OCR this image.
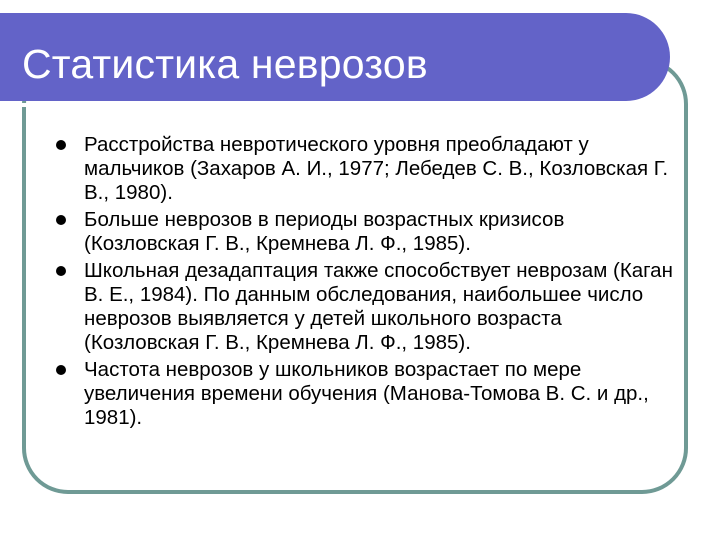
Статистика неврозов
Расстройства невротического уровня преобладают у мальчиков (Захаров А. И., 1977; Лебедев С. В., Козловская Г. В., 1980).
Больше неврозов в периоды возрастных кризисов (Козловская Г. В., Кремнева Л. Ф., 1985).
Школьная дезадаптация также способствует неврозам (Каган В. Е., 1984). По данным обследования, наибольшее число неврозов выявляется у детей школьного возраста (Козловская Г. В., Кремнева Л. Ф., 1985).
Частота неврозов у школьников возрастает по мере увеличения времени обучения (Манова-Томова В. С. и др., 1981).
